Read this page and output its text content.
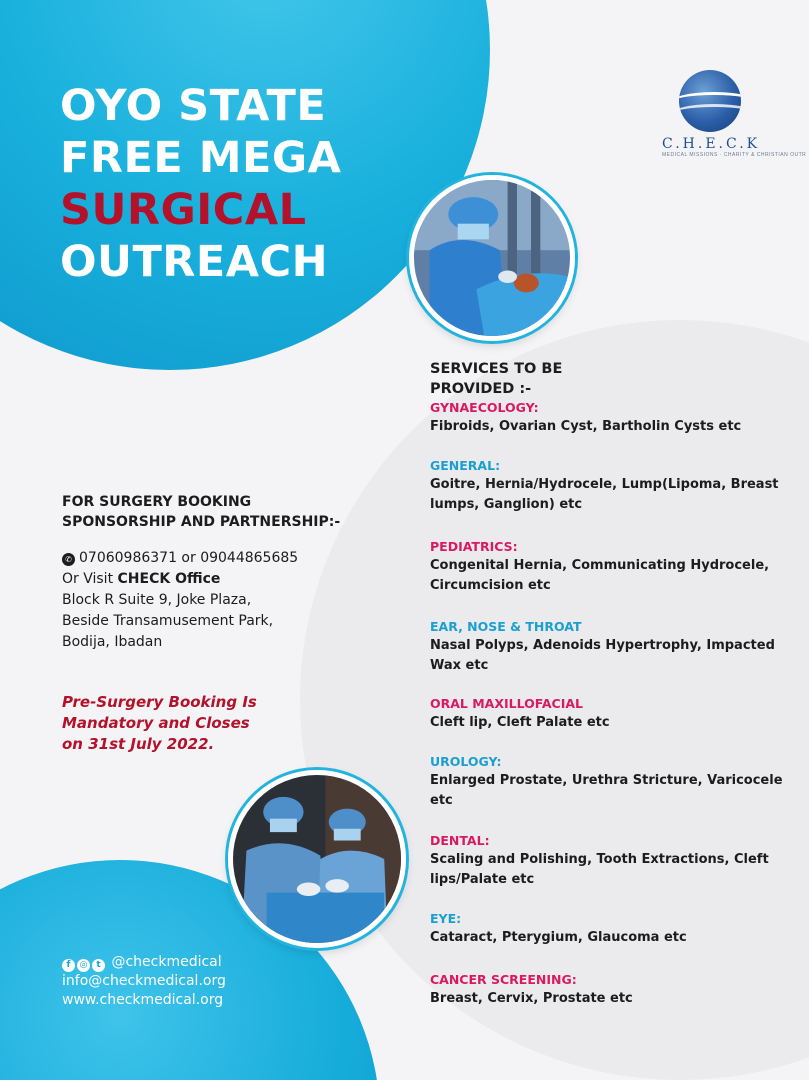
OYO STATE
FREE MEGA
SURGICAL
OUTREACH
C.H.E.C.K
MEDICAL MISSIONS · CHARITY & CHRISTIAN OUTR
SERVICES TO BE
PROVIDED :-
GYNAECOLOGY:
Fibroids, Ovarian Cyst, Bartholin Cysts etc
GENERAL:
Goitre, Hernia/Hydrocele, Lump(Lipoma, Breast lumps, Ganglion) etc
PEDIATRICS:
Congenital Hernia, Communicating Hydrocele, Circumcision etc
EAR, NOSE & THROAT
Nasal Polyps, Adenoids Hypertrophy, Impacted Wax etc
ORAL MAXILLOFACIAL
Cleft lip, Cleft Palate etc
UROLOGY:
Enlarged Prostate, Urethra Stricture, Varicocele etc
DENTAL:
Scaling and Polishing, Tooth Extractions, Cleft lips/Palate etc
EYE:
Cataract, Pterygium, Glaucoma etc
CANCER SCREENING:
Breast, Cervix, Prostate etc
FOR SURGERY BOOKING
SPONSORSHIP AND PARTNERSHIP:-
✆ 07060986371 or 09044865685
Or Visit CHECK Office
Block R Suite 9, Joke Plaza,
Beside Transamusement Park,
Bodija, Ibadan
Pre-Surgery Booking Is
Mandatory and Closes
on 31st July 2022.
f ◎ t @checkmedical
info@checkmedical.org
www.checkmedical.org
